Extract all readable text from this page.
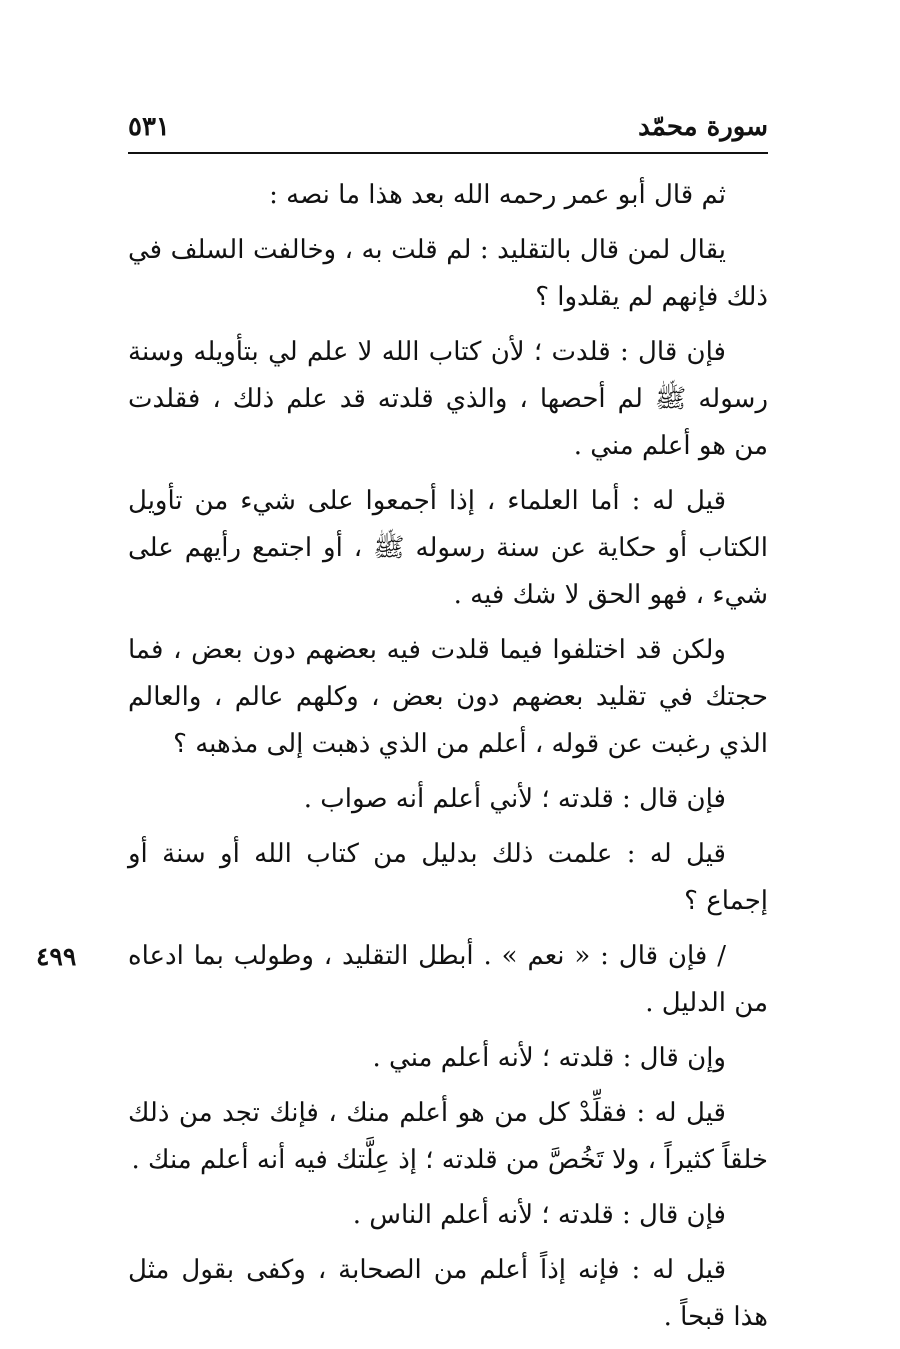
سورة محمّد
٥٣١

ثم قال أبو عمر رحمه الله بعد هذا ما نصه :

يقال لمن قال بالتقليد : لم قلت به ، وخالفت السلف في ذلك فإنهم لم يقلدوا ؟

فإن قال : قلدت ؛ لأن كتاب الله لا علم لي بتأويله وسنة رسوله ﷺ لم أحصها ، والذي قلدته قد علم ذلك ، فقلدت من هو أعلم مني .

قيل له : أما العلماء ، إذا أجمعوا على شيء من تأويل الكتاب أو حكاية عن سنة رسوله ﷺ ، أو اجتمع رأيهم على شيء ، فهو الحق لا شك فيه .

ولكن قد اختلفوا فيما قلدت فيه بعضهم دون بعض ، فما حجتك في تقليد بعضهم دون بعض ، وكلهم عالم ، والعالم الذي رغبت عن قوله ، أعلم من الذي ذهبت إلى مذهبه ؟

فإن قال : قلدته ؛ لأني أعلم أنه صواب .

قيل له : علمت ذلك بدليل من كتاب الله أو سنة أو إجماع ؟

٤٩٩	/ فإن قال : « نعم » . أبطل التقليد ، وطولب بما ادعاه من الدليل .

وإن قال : قلدته ؛ لأنه أعلم مني .

قيل له : فقلِّدْ كل من هو أعلم منك ، فإنك تجد من ذلك خلقاً كثيراً ، ولا تَخُصَّ من قلدته ؛ إذ عِلَّتك فيه أنه أعلم منك .

فإن قال : قلدته ؛ لأنه أعلم الناس .

قيل له : فإنه إذاً أعلم من الصحابة ، وكفى بقول مثل هذا قبحاً .
